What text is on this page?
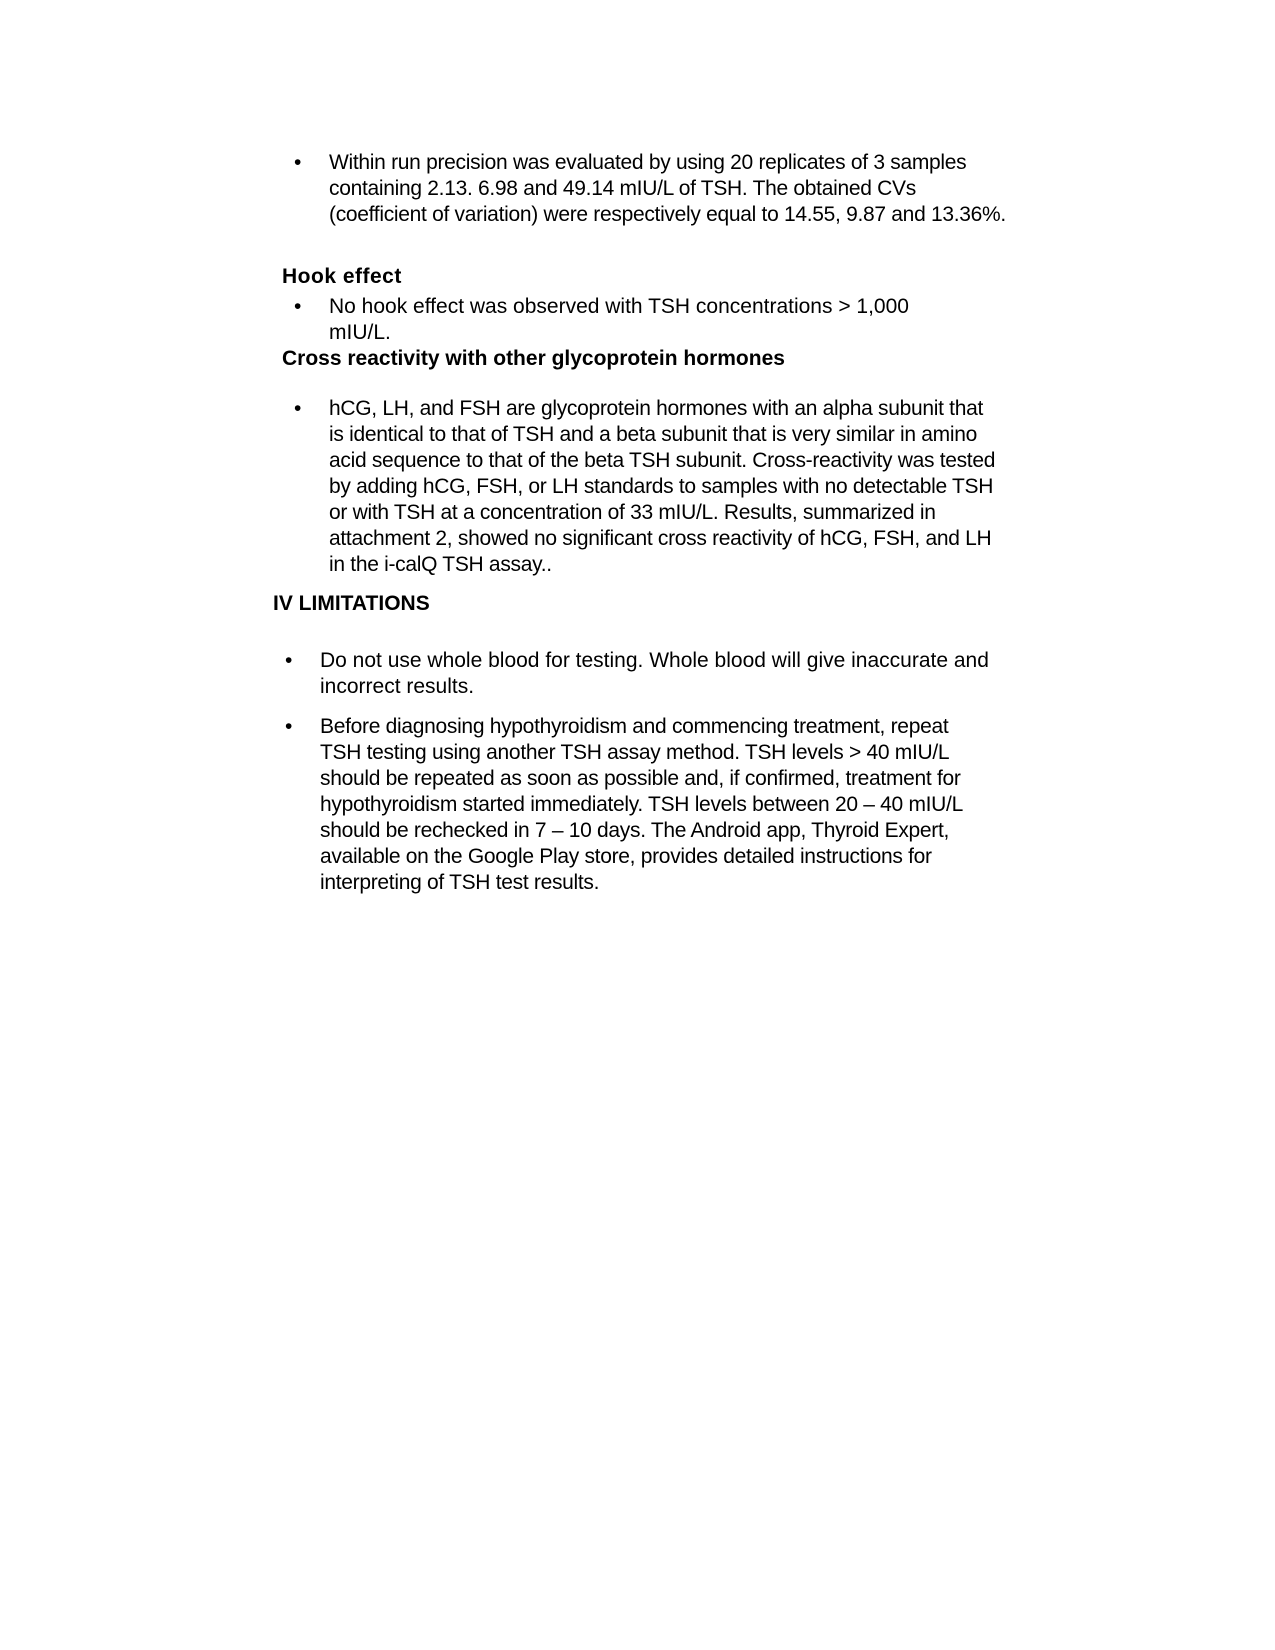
• Within run precision was evaluated by using 20 replicates of 3 samples containing 2.13. 6.98 and 49.14 mIU/L of TSH. The obtained CVs (coefficient of variation) were respectively equal to 14.55, 9.87 and 13.36%.
Hook effect
• No hook effect was observed with TSH concentrations > 1,000 mIU/L.
Cross reactivity with other glycoprotein hormones
• hCG, LH, and FSH are glycoprotein hormones with an alpha subunit that is identical to that of TSH and a beta subunit that is very similar in amino acid sequence to that of the beta TSH subunit. Cross-reactivity was tested by adding hCG, FSH, or LH standards to samples with no detectable TSH or with TSH at a concentration of 33 mIU/L. Results, summarized in attachment 2, showed no significant cross reactivity of hCG, FSH, and LH in the i-calQ TSH assay..
IV LIMITATIONS
• Do not use whole blood for testing. Whole blood will give inaccurate and incorrect results.
• Before diagnosing hypothyroidism and commencing treatment, repeat TSH testing using another TSH assay method. TSH levels > 40 mIU/L should be repeated as soon as possible and, if confirmed, treatment for hypothyroidism started immediately. TSH levels between 20 – 40 mIU/L should be rechecked in 7 – 10 days. The Android app, Thyroid Expert, available on the Google Play store, provides detailed instructions for interpreting of TSH test results.
